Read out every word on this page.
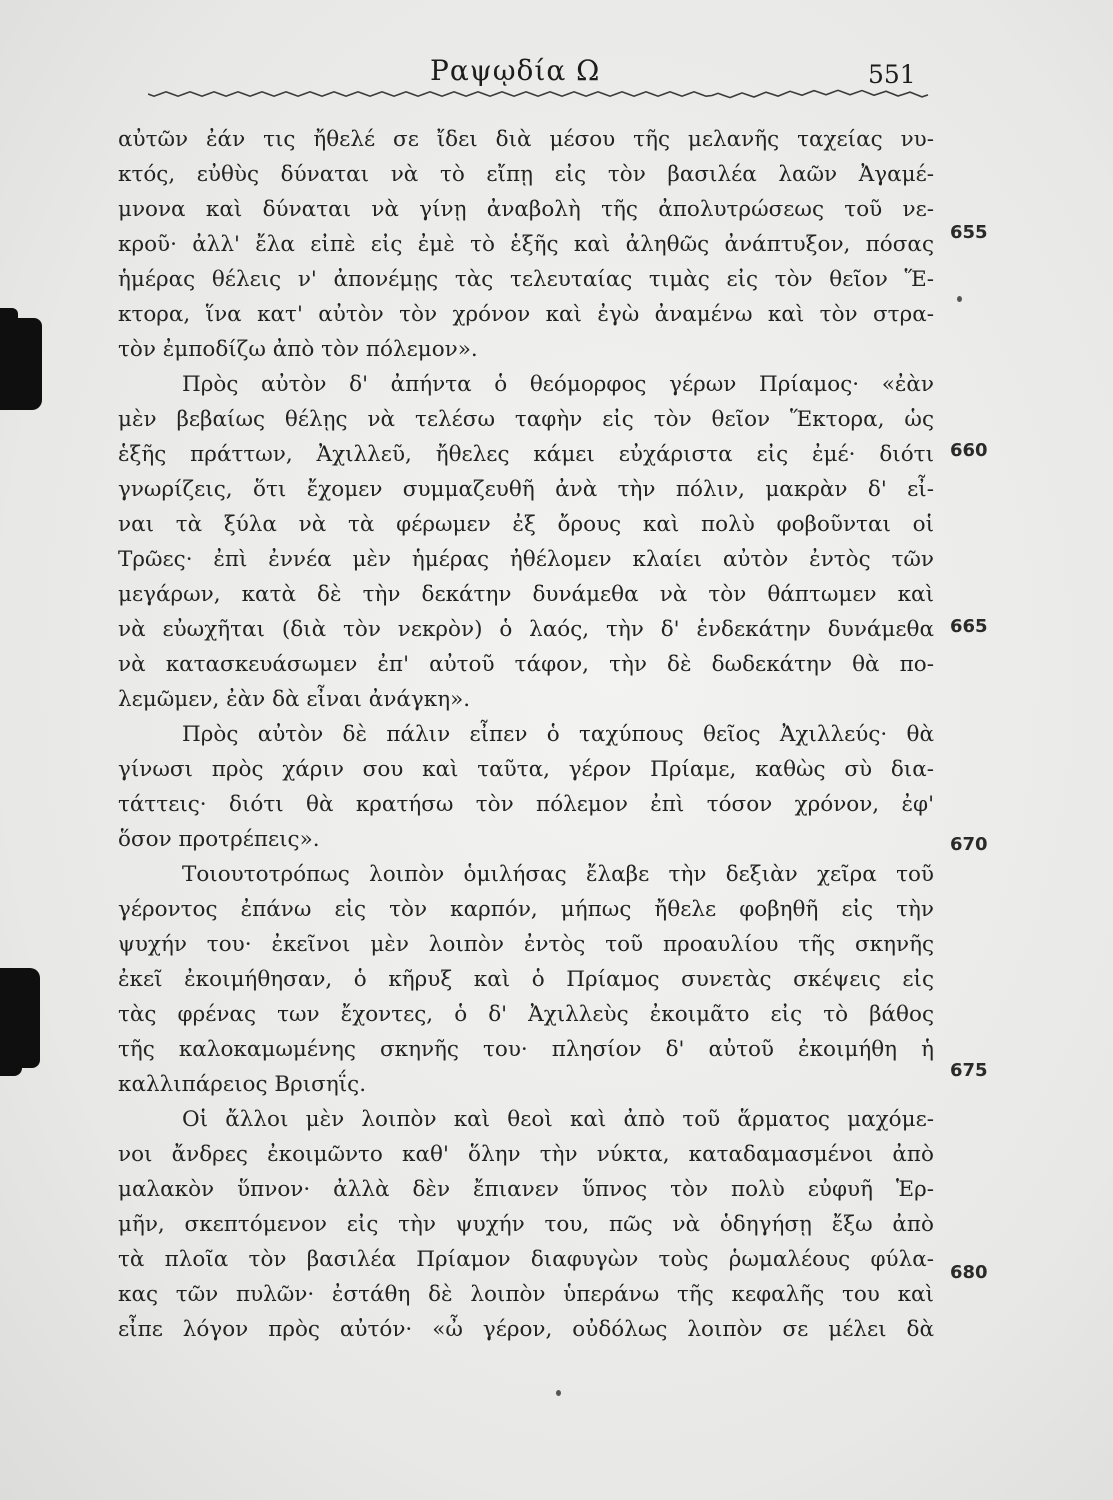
Ραψῳδία Ω	551
αὐτῶν ἐάν τις ἤθελέ σε ἴδει διὰ μέσου τῆς μελανῆς ταχείας νυ-
κτός, εὐθὺς δύναται νὰ τὸ εἴπῃ εἰς τὸν βασιλέα λαῶν Ἀγαμέ-
μνονα καὶ δύναται νὰ γίνῃ ἀναβολὴ τῆς ἀπολυτρώσεως τοῦ νε-
κροῦ· ἀλλ' ἔλα εἰπὲ εἰς ἐμὲ τὸ ἑξῆς καὶ ἀληθῶς ἀνάπτυξον, πόσας
ἡμέρας θέλεις ν' ἀπονέμῃς τὰς τελευταίας τιμὰς εἰς τὸν θεῖον Ἕ-
κτορα, ἵνα κατ' αὐτὸν τὸν χρόνον καὶ ἐγὼ ἀναμένω καὶ τὸν στρα-
τὸν ἐμποδίζω ἀπὸ τὸν πόλεμον».
Πρὸς αὐτὸν δ' ἀπήντα ὁ θεόμορφος γέρων Πρίαμος· «ἐὰν
μὲν βεβαίως θέλῃς νὰ τελέσω ταφὴν εἰς τὸν θεῖον Ἕκτορα, ὡς
ἑξῆς πράττων, Ἀχιλλεῦ, ἤθελες κάμει εὐχάριστα εἰς ἐμέ· διότι
γνωρίζεις, ὅτι ἔχομεν συμμαζευθῆ ἀνὰ τὴν πόλιν, μακρὰν δ' εἶ-
ναι τὰ ξύλα νὰ τὰ φέρωμεν ἐξ ὄρους καὶ πολὺ φοβοῦνται οἱ
Τρῶες· ἐπὶ ἐννέα μὲν ἡμέρας ἠθέλομεν κλαίει αὐτὸν ἐντὸς τῶν
μεγάρων, κατὰ δὲ τὴν δεκάτην δυνάμεθα νὰ τὸν θάπτωμεν καὶ
νὰ εὐωχῆται (διὰ τὸν νεκρὸν) ὁ λαός, τὴν δ' ἑνδεκάτην δυνάμεθα
νὰ κατασκευάσωμεν ἐπ' αὐτοῦ τάφον, τὴν δὲ δωδεκάτην θὰ πο-
λεμῶμεν, ἐὰν δὰ εἶναι ἀνάγκη».
Πρὸς αὐτὸν δὲ πάλιν εἶπεν ὁ ταχύπους θεῖος Ἀχιλλεύς· θὰ
γίνωσι πρὸς χάριν σου καὶ ταῦτα, γέρον Πρίαμε, καθὼς σὺ δια-
τάττεις· διότι θὰ κρατήσω τὸν πόλεμον ἐπὶ τόσον χρόνον, ἐφ'
ὅσον προτρέπεις».
Τοιουτοτρόπως λοιπὸν ὁμιλήσας ἔλαβε τὴν δεξιὰν χεῖρα τοῦ
γέροντος ἐπάνω εἰς τὸν καρπόν, μήπως ἤθελε φοβηθῆ εἰς τὴν
ψυχήν του· ἐκεῖνοι μὲν λοιπὸν ἐντὸς τοῦ προαυλίου τῆς σκηνῆς
ἐκεῖ ἐκοιμήθησαν, ὁ κῆρυξ καὶ ὁ Πρίαμος συνετὰς σκέψεις εἰς
τὰς φρένας των ἔχοντες, ὁ δ' Ἀχιλλεὺς ἐκοιμᾶτο εἰς τὸ βάθος
τῆς καλοκαμωμένης σκηνῆς του· πλησίον δ' αὐτοῦ ἐκοιμήθη ἡ
καλλιπάρειος Βρισηΐς.
Οἱ ἄλλοι μὲν λοιπὸν καὶ θεοὶ καὶ ἀπὸ τοῦ ἅρματος μαχόμε-
νοι ἄνδρες ἐκοιμῶντο καθ' ὅλην τὴν νύκτα, καταδαμασμένοι ἀπὸ
μαλακὸν ὕπνον· ἀλλὰ δὲν ἔπιανεν ὕπνος τὸν πολὺ εὐφυῆ Ἑρ-
μῆν, σκεπτόμενον εἰς τὴν ψυχήν του, πῶς νὰ ὁδηγήσῃ ἔξω ἀπὸ
τὰ πλοῖα τὸν βασιλέα Πρίαμον διαφυγὼν τοὺς ῥωμαλέους φύλα-
κας τῶν πυλῶν· ἐστάθη δὲ λοιπὸν ὑπεράνω τῆς κεφαλῆς του καὶ
εἶπε λόγον πρὸς αὐτόν· «ὦ γέρον, οὐδόλως λοιπὸν σε μέλει δὰ
655
660
665
670
675
680
